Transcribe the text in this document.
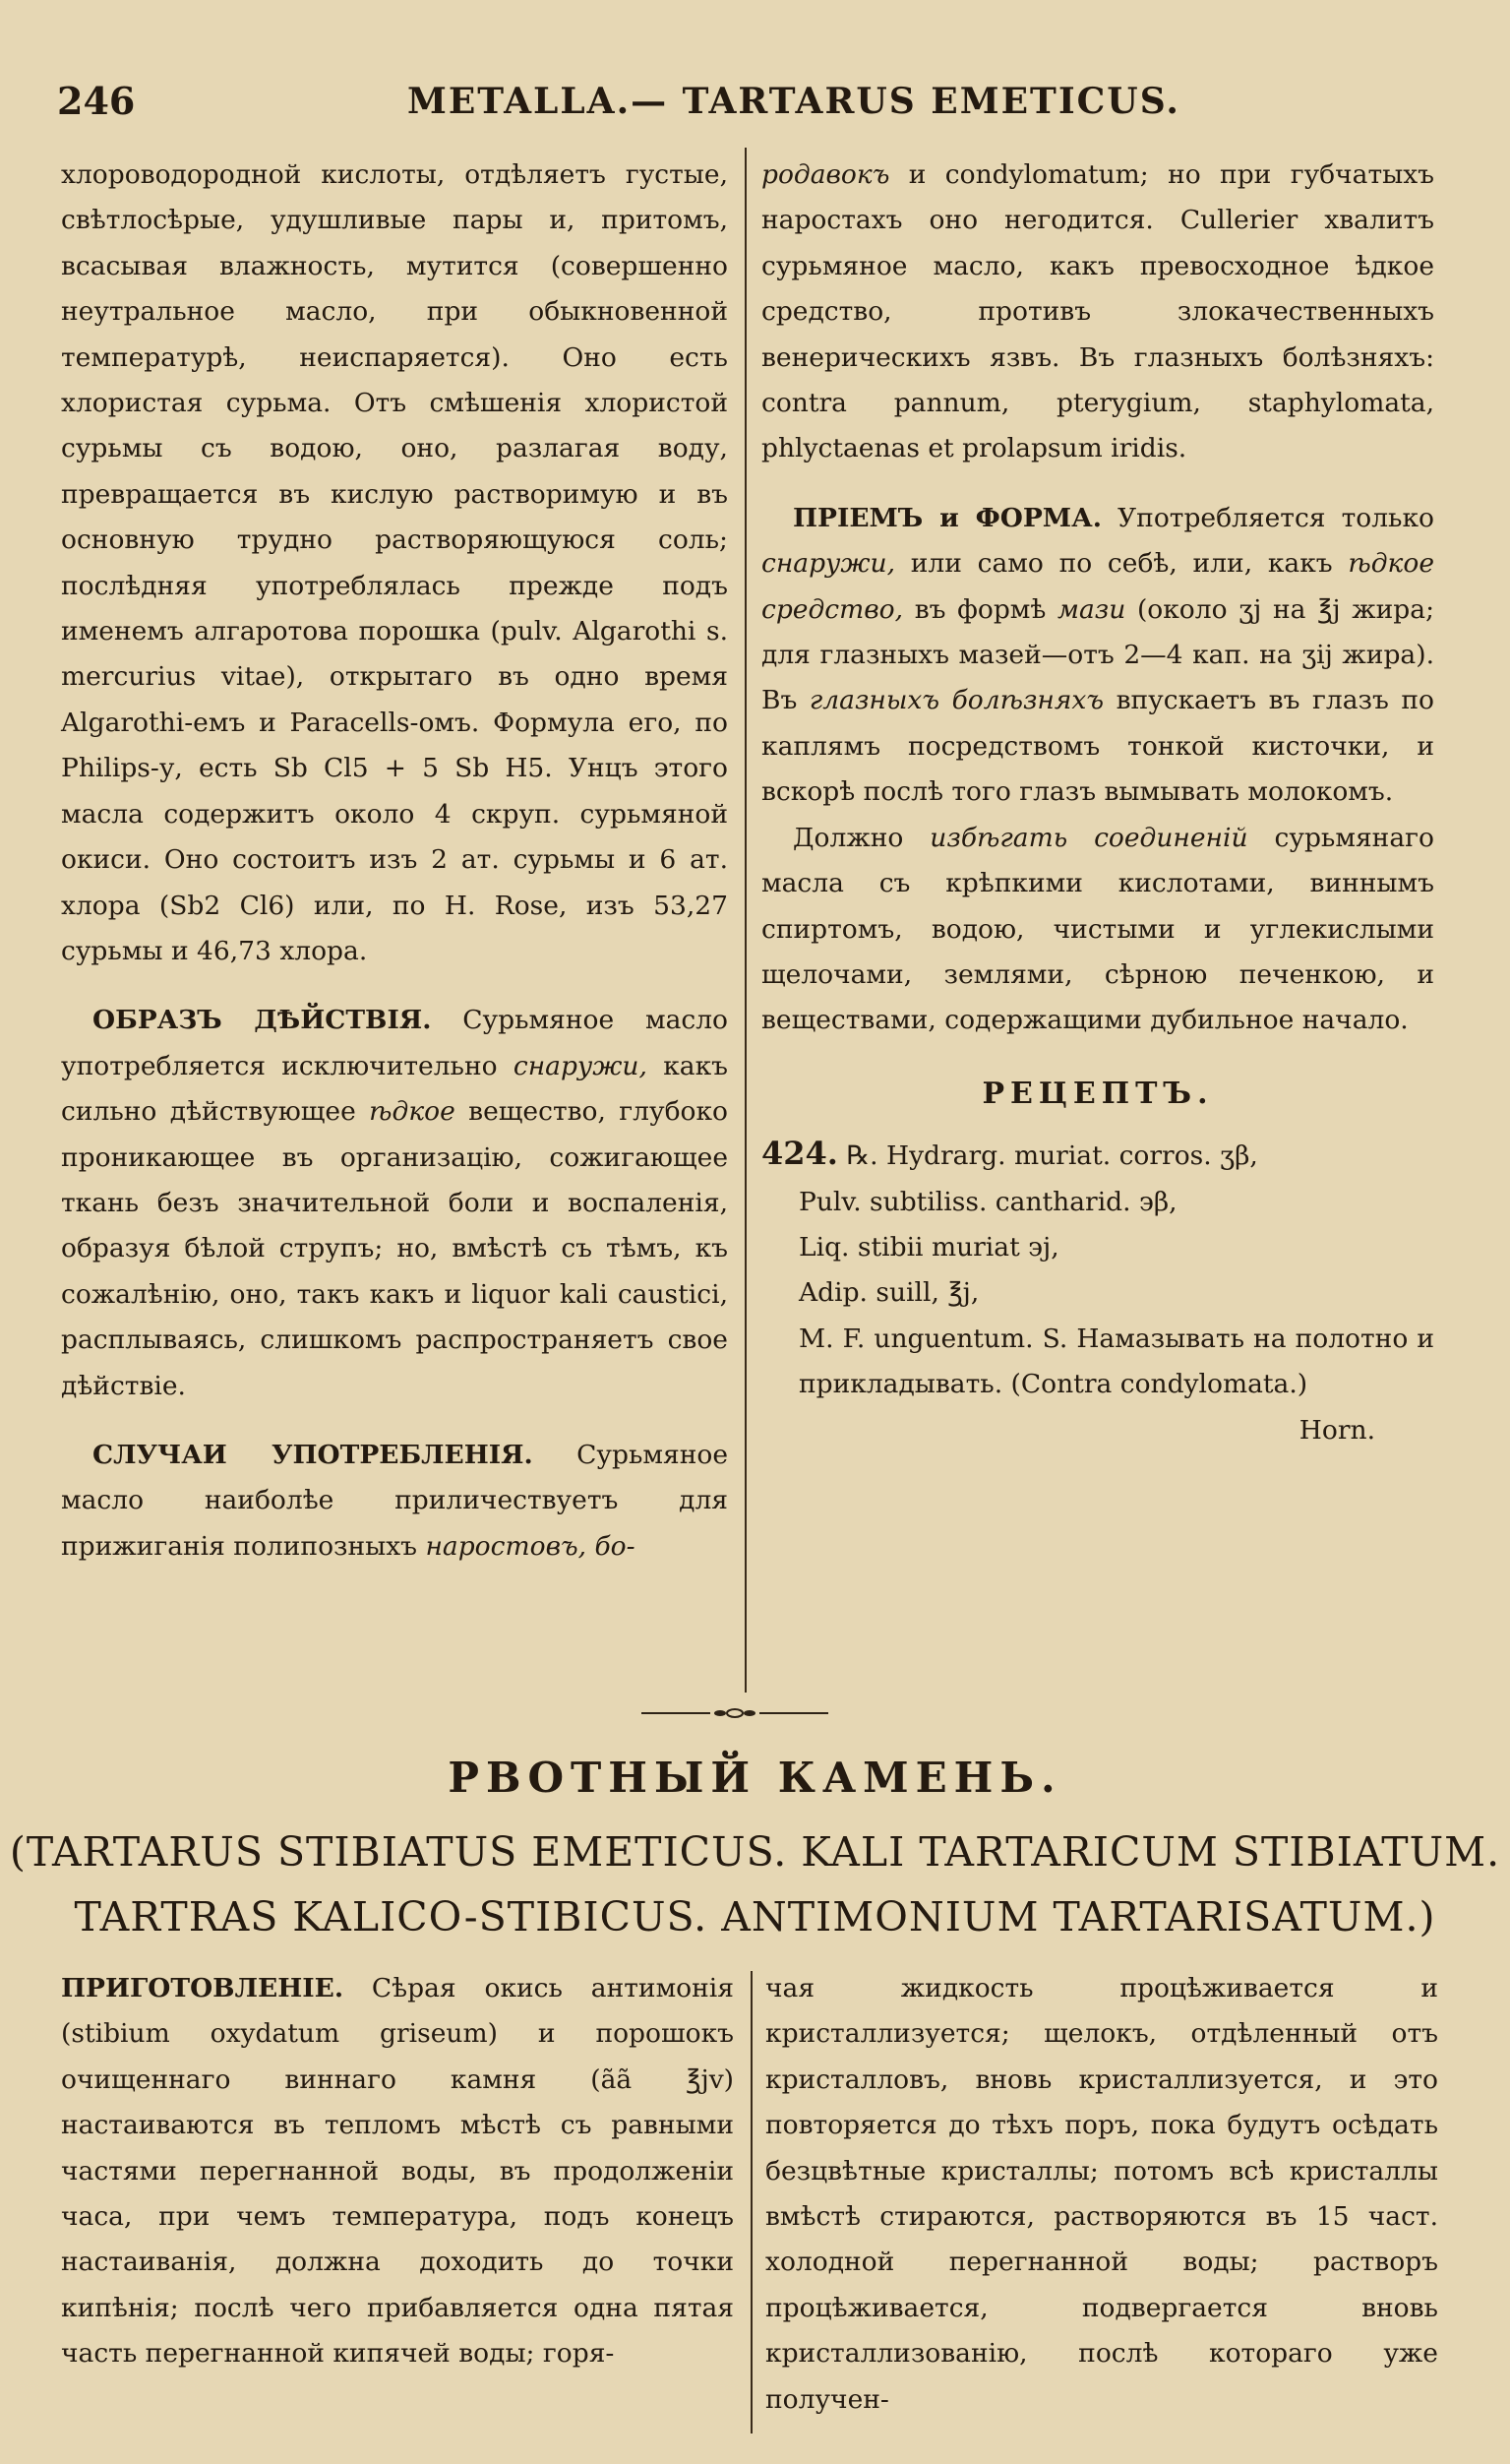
246	METALLA.— TARTARUS EMETICUS.

хлороводородной кислоты, отдѣляетъ густые, свѣтлосѣрые, удушливые пары и, притомъ, всасывая влажность, мутится (совершенно неутральное масло, при обыкновенной температурѣ, неиспаряется). Оно есть хлористая сурьма. Отъ смѣшенія хлористой сурьмы съ водою, оно, разлагая воду, превращается въ кислую растворимую и въ основную трудно растворяющуюся соль; послѣдняя употреблялась прежде подъ именемъ алгаротова порошка (pulv. Algarothi s. mercurius vitae), открытаго въ одно время Algarothi-емъ и Paracells-омъ. Формула его, по Philips-у, есть Sb Cl5 + 5 Sb H5. Унцъ этого масла содержитъ около 4 скруп. сурьмяной окиси. Оно состоитъ изъ 2 ат. сурьмы и 6 ат. хлора (Sb2 Cl6) или, по H. Rose, изъ 53,27 сурьмы и 46,73 хлора.

ОБРАЗЪ ДѢЙСТВІЯ. Сурьмяное масло употребляется исключительно снаружи, какъ сильно дѣйствующее ѣдкое вещество, глубоко проникающее въ организацію, сожигающее ткань безъ значительной боли и воспаленія, образуя бѣлой струпъ; но, вмѣстѣ съ тѣмъ, къ сожалѣнію, оно, такъ какъ и liquor kali caustici, расплываясь, слишкомъ распространяетъ свое дѣйствіе.

СЛУЧАИ УПОТРЕБЛЕНІЯ. Сурьмяное масло наиболѣе приличествуетъ для прижиганія полипозныхъ наростовъ, бо-

родавокъ и condylomatum; но при губчатыхъ наростахъ оно негодится. Cullerier хвалитъ сурьмяное масло, какъ превосходное ѣдкое средство, противъ злокачественныхъ венерическихъ язвъ. Въ глазныхъ болѣзняхъ: contra pannum, pterygium, staphylomata, phlyctaenas et prolapsum iridis.

ПРІЕМЪ и ФОРМА. Употребляется только снаружи, или само по себѣ, или, какъ ѣдкое средство, въ формѣ мази (около ʒj на ℥j жира; для глазныхъ мазей—отъ 2—4 кап. на ʒij жира). Въ глазныхъ болѣзняхъ впускаетъ въ глазъ по каплямъ посредствомъ тонкой кисточки, и вскорѣ послѣ того глазъ вымывать молокомъ.

Должно избѣгать соединеній сурьмянаго масла съ крѣпкими кислотами, виннымъ спиртомъ, водою, чистыми и углекислыми щелочами, землями, сѣрною печенкою, и веществами, содержащими дубильное начало.

РЕЦЕПТЪ.

424. ℞. Hydrarg. muriat. corros. ʒβ,

Pulv. subtiliss. cantharid. ϶β,

Liq. stibii muriat ϶j,

Adip. suill, ℥j,

M. F. unguentum. S. Намазывать на полотно и прикладывать. (Contra condylomata.)

Horn.

РВОТНЫЙ КАМЕНЬ.
(TARTARUS STIBIATUS EMETICUS. KALI TARTARICUM STIBIATUM.
TARTRAS KALICO-STIBICUS. ANTIMONIUM TARTARISATUM.)

ПРИГОТОВЛЕНІЕ. Сѣрая окись антимонія (stibium oxydatum griseum) и порошокъ очищеннаго виннаго камня (ãã ℥jv) настаиваются въ тепломъ мѣстѣ съ равными частями перегнанной воды, въ продолженіи часа, при чемъ температура, подъ конецъ настаиванія, должна доходить до точки кипѣнія; послѣ чего прибавляется одна пятая часть перегнанной кипячей воды; горя-

чая жидкость процѣживается и кристаллизуется; щелокъ, отдѣленный отъ кристалловъ, вновь кристаллизуется, и это повторяется до тѣхъ поръ, пока будутъ осѣдать безцвѣтные кристаллы; потомъ всѣ кристаллы вмѣстѣ стираются, растворяются въ 15 част. холодной перегнанной воды; растворъ процѣживается, подвергается вновь кристаллизованію, послѣ котораго уже получен-
